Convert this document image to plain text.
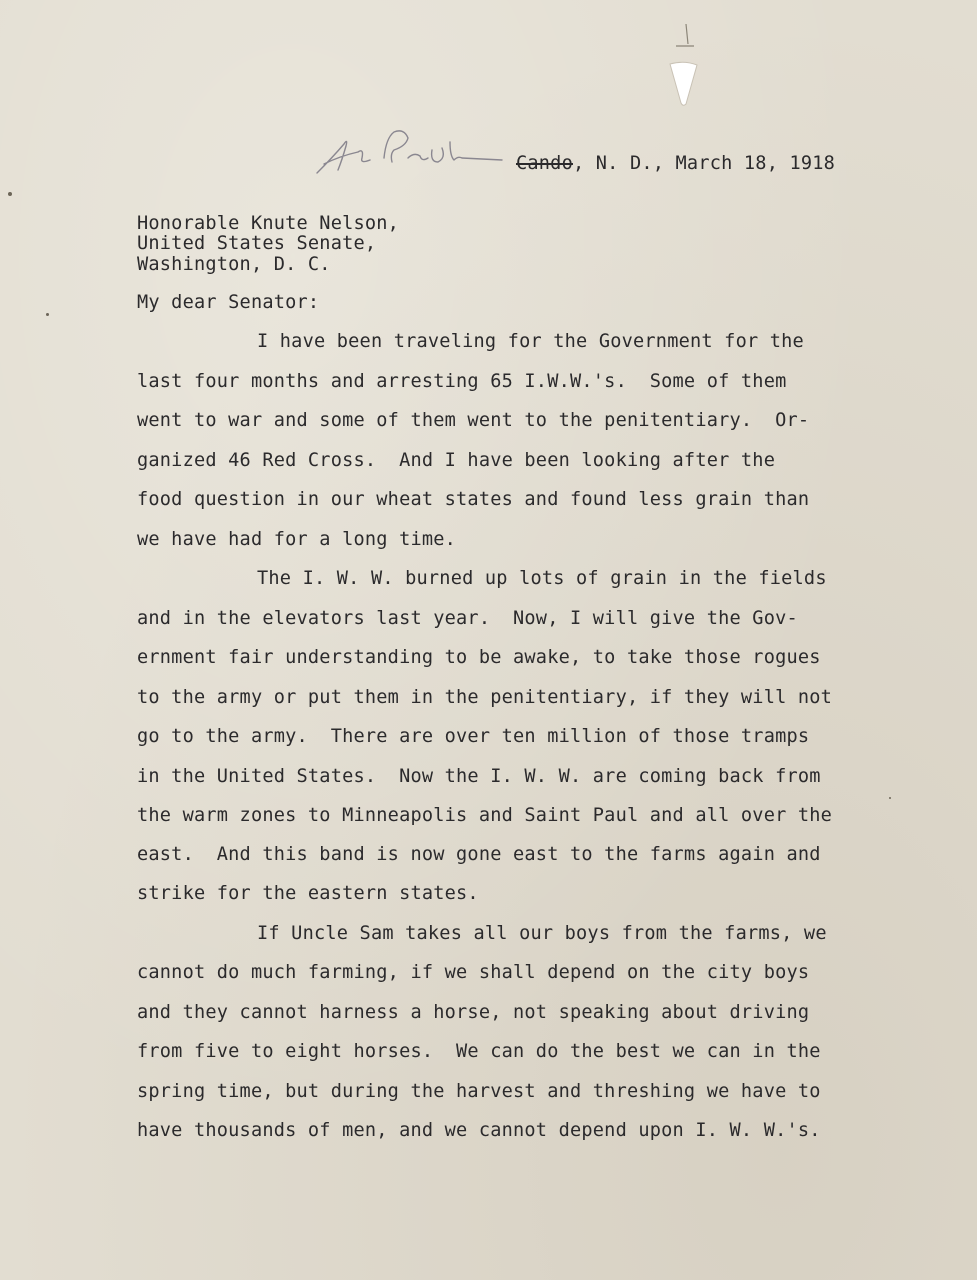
Cando, N. D., March 18, 1918
Honorable Knute Nelson,
United States Senate,
Washington, D. C.
My dear Senator:
I have been traveling for the Government for the
last four months and arresting 65 I.W.W.'s.  Some of them
went to war and some of them went to the penitentiary.  Or-
ganized 46 Red Cross.  And I have been looking after the
food question in our wheat states and found less grain than
we have had for a long time.
The I. W. W. burned up lots of grain in the fields
and in the elevators last year.  Now, I will give the Gov-
ernment fair understanding to be awake, to take those rogues
to the army or put them in the penitentiary, if they will not
go to the army.  There are over ten million of those tramps
in the United States.  Now the I. W. W. are coming back from
the warm zones to Minneapolis and Saint Paul and all over the
east.  And this band is now gone east to the farms again and
strike for the eastern states.
If Uncle Sam takes all our boys from the farms, we
cannot do much farming, if we shall depend on the city boys
and they cannot harness a horse, not speaking about driving
from five to eight horses.  We can do the best we can in the
spring time, but during the harvest and threshing we have to
have thousands of men, and we cannot depend upon I. W. W.'s.
